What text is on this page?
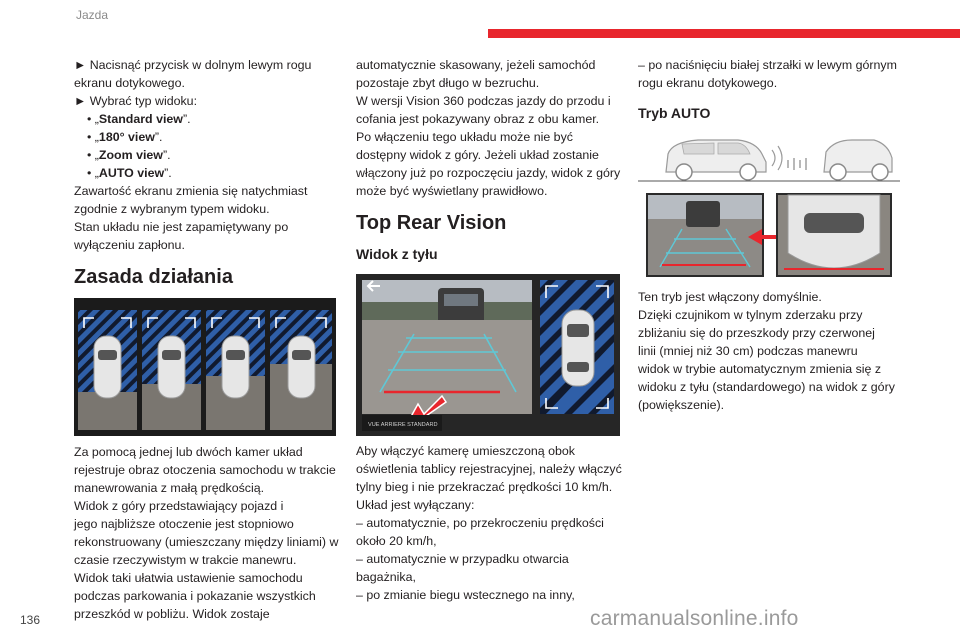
Jazda
► Nacisnąć przycisk w dolnym lewym rogu
ekranu dotykowego.
► Wybrać typ widoku:
• „Standard view”.
• „180° view”.
• „Zoom view”.
• „AUTO view”.
Zawartość ekranu zmienia się natychmiast
zgodnie z wybranym typem widoku.
Stan układu nie jest zapamiętywany po
wyłączeniu zapłonu.
Zasada działania
Za pomocą jednej lub dwóch kamer układ
rejestruje obraz otoczenia samochodu w trakcie
manewrowania z małą prędkością.
Widok z góry przedstawiający pojazd i
jego najbliższe otoczenie jest stopniowo
rekonstruowany (umieszczany między liniami) w
czasie rzeczywistym w trakcie manewru.
Widok taki ułatwia ustawienie samochodu
podczas parkowania i pokazanie wszystkich
przeszkód w pobliżu. Widok zostaje
automatycznie skasowany, jeżeli samochód
pozostaje zbyt długo w bezruchu.
W wersji Vision 360 podczas jazdy do przodu i
cofania jest pokazywany obraz z obu kamer.
Po włączeniu tego układu może nie być
dostępny widok z góry. Jeżeli układ zostanie
włączony już po rozpoczęciu jazdy, widok z góry
może być wyświetlany prawidłowo.
Top Rear Vision
Widok z tyłu
VUE ARRIERE STANDARD
Aby włączyć kamerę umieszczoną obok
oświetlenia tablicy rejestracyjnej, należy włączyć
tylny bieg i nie przekraczać prędkości 10 km/h.
Układ jest wyłączany:
– automatycznie, po przekroczeniu prędkości
około 20 km/h,
– automatycznie w przypadku otwarcia
bagażnika,
– po zmianie biegu wstecznego na inny,
– po naciśnięciu białej strzałki w lewym górnym
rogu ekranu dotykowego.
Tryb AUTO
Ten tryb jest włączony domyślnie.
Dzięki czujnikom w tylnym zderzaku przy
zbliżaniu się do przeszkody przy czerwonej
linii (mniej niż 30 cm) podczas manewru
widok w trybie automatycznym zmienia się z
widoku z tyłu (standardowego) na widok z góry
(powiększenie).
136	carmanualsonline.info
